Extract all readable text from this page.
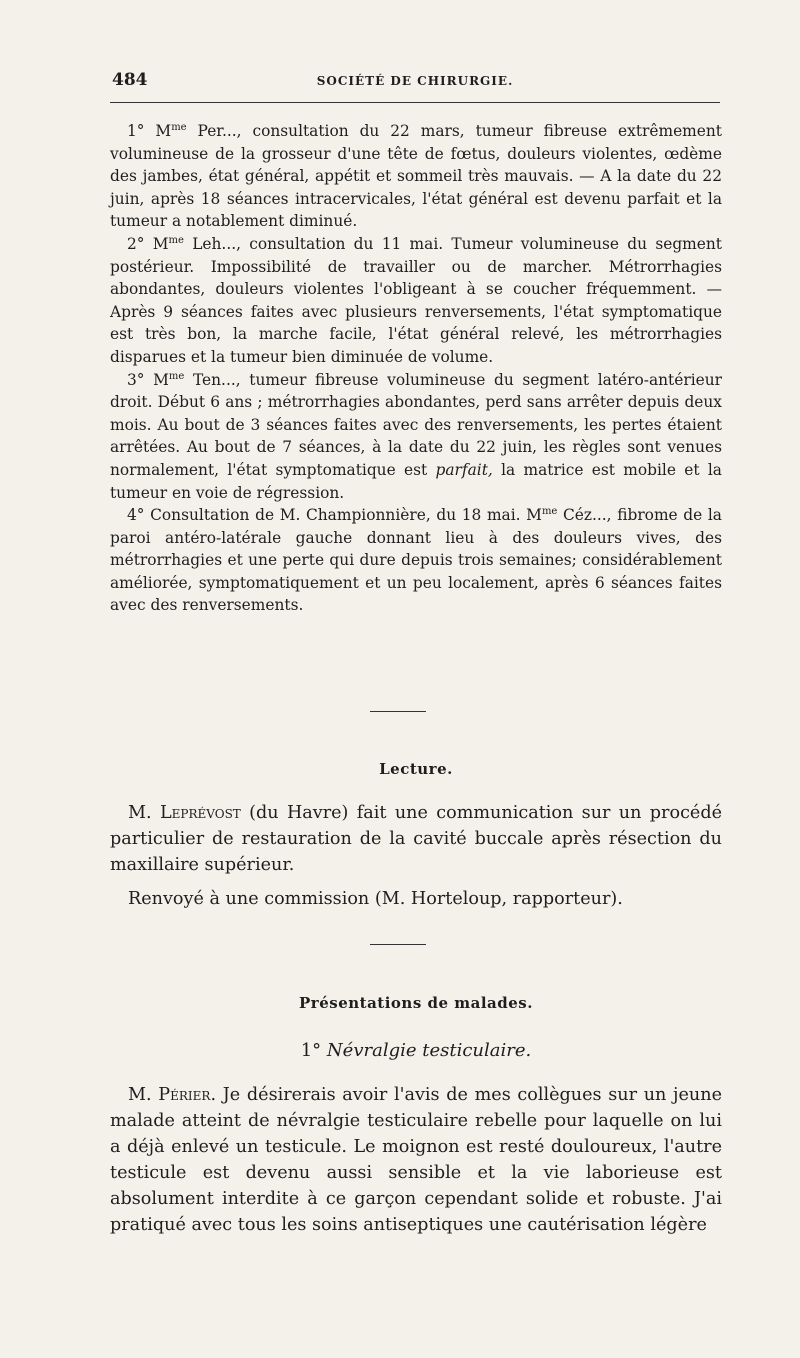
484	SOCIÉTÉ DE CHIRURGIE.

1° $M^{me}$ Per..., consultation du 22 mars, tumeur fibreuse extrêmement volumineuse de la grosseur d'une tête de fœtus, douleurs violentes, œdème des jambes, état général, appétit et sommeil très mauvais. — A la date du 22 juin, après 18 séances intracervicales, l'état général est devenu parfait et la tumeur a notablement diminué.

2° $M^{me}$ Leh..., consultation du 11 mai. Tumeur volumineuse du segment postérieur. Impossibilité de travailler ou de marcher. Métrorrhagies abondantes, douleurs violentes l'obligeant à se coucher fréquemment. — Après 9 séances faites avec plusieurs renversements, l'état symptomatique est très bon, la marche facile, l'état général relevé, les métrorrhagies disparues et la tumeur bien diminuée de volume.

3° $M^{me}$ Ten..., tumeur fibreuse volumineuse du segment latéro-antérieur droit. Début 6 ans ; métrorrhagies abondantes, perd sans arrêter depuis deux mois. Au bout de 3 séances faites avec des renversements, les pertes étaient arrêtées. Au bout de 7 séances, à la date du 22 juin, les règles sont venues normalement, l'état symptomatique est parfait, la matrice est mobile et la tumeur en voie de régression.

4° Consultation de M. Championnière, du 18 mai. $M^{me}$ Céz..., fibrome de la paroi antéro-latérale gauche donnant lieu à des douleurs vives, des métrorrhagies et une perte qui dure depuis trois semaines; considérablement améliorée, symptomatiquement et un peu localement, après 6 séances faites avec des renversements.

Lecture.

M. Leprévost (du Havre) fait une communication sur un procédé particulier de restauration de la cavité buccale après résection du maxillaire supérieur.

Renvoyé à une commission (M. Horteloup, rapporteur).

Présentations de malades.
1° Névralgie testiculaire.

M. Périer. Je désirerais avoir l'avis de mes collègues sur un jeune malade atteint de névralgie testiculaire rebelle pour laquelle on lui a déjà enlevé un testicule. Le moignon est resté douloureux, l'autre testicule est devenu aussi sensible et la vie laborieuse est absolument interdite à ce garçon cependant solide et robuste. J'ai pratiqué avec tous les soins antiseptiques une cautérisation légère
